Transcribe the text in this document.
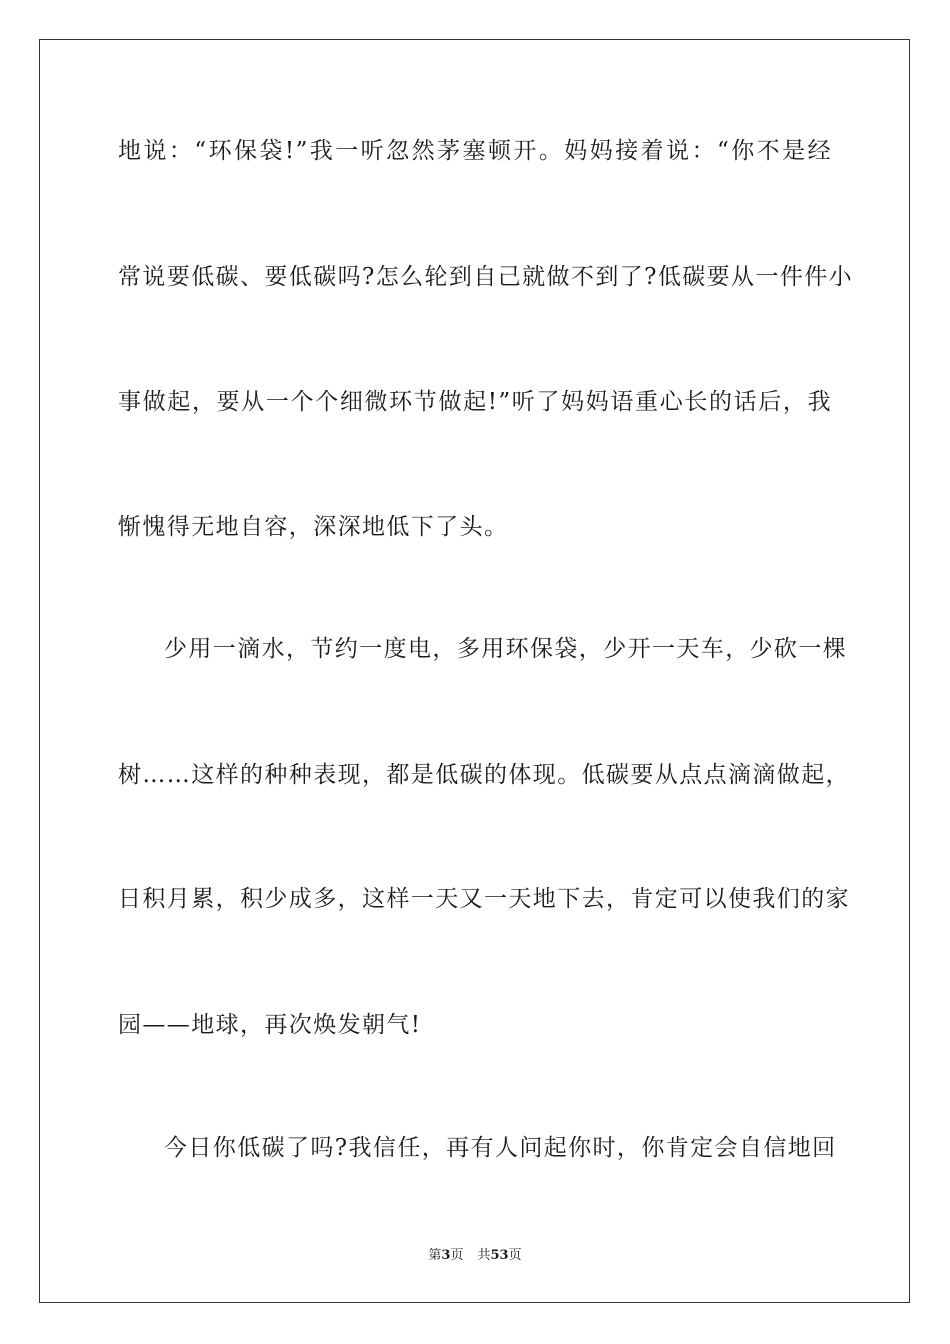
地说：“环保袋!”我一听忽然茅塞顿开。妈妈接着说：“你不是经
常说要低碳、要低碳吗?怎么轮到自己就做不到了?低碳要从一件件小
事做起，要从一个个细微环节做起!”听了妈妈语重心长的话后，我
惭愧得无地自容，深深地低下了头。
少用一滴水，节约一度电，多用环保袋，少开一天车，少砍一棵
树……这样的种种表现，都是低碳的体现。低碳要从点点滴滴做起，
日积月累，积少成多，这样一天又一天地下去，肯定可以使我们的家
园——地球，再次焕发朝气!
今日你低碳了吗?我信任，再有人问起你时，你肯定会自信地回
第3页 共53页
